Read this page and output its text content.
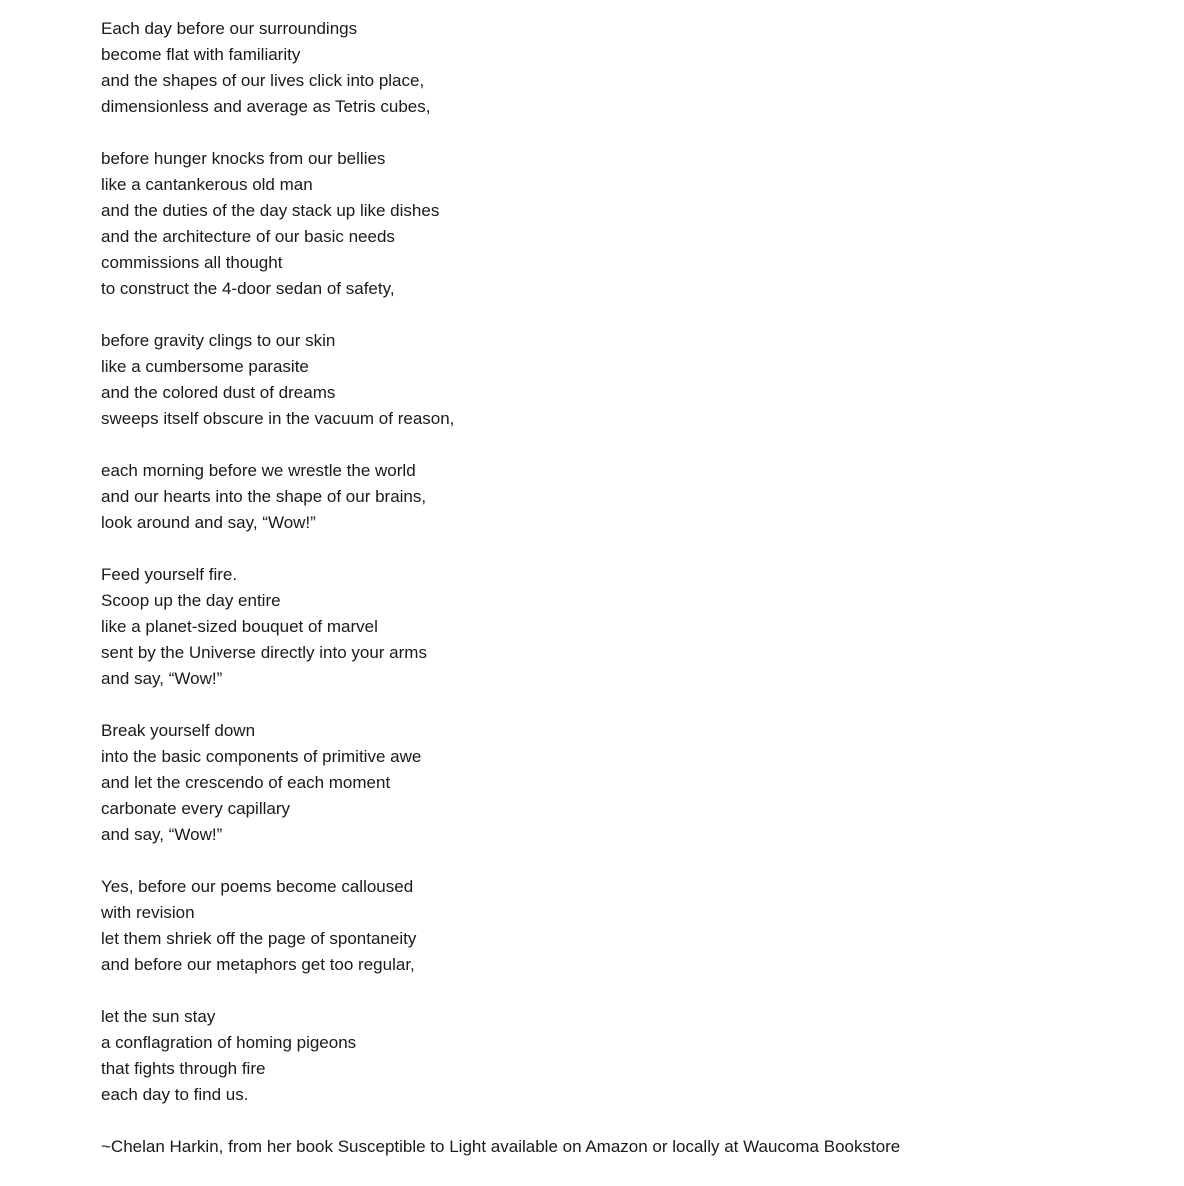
Each day before our surroundings
become flat with familiarity
and the shapes of our lives click into place,
dimensionless and average as Tetris cubes,
before hunger knocks from our bellies
like a cantankerous old man
and the duties of the day stack up like dishes
and the architecture of our basic needs
commissions all thought
to construct the 4-door sedan of safety,
before gravity clings to our skin
like a cumbersome parasite
and the colored dust of dreams
sweeps itself obscure in the vacuum of reason,
each morning before we wrestle the world
and our hearts into the shape of our brains,
look around and say, “Wow!”
Feed yourself fire.
Scoop up the day entire
like a planet-sized bouquet of marvel
sent by the Universe directly into your arms
and say, “Wow!”
Break yourself down
into the basic components of primitive awe
and let the crescendo of each moment
carbonate every capillary
and say, “Wow!”
Yes, before our poems become calloused
with revision
let them shriek off the page of spontaneity
and before our metaphors get too regular,
let the sun stay
a conflagration of homing pigeons
that fights through fire
each day to find us.
~Chelan Harkin, from her book Susceptible to Light available on Amazon or locally at Waucoma Bookstore
